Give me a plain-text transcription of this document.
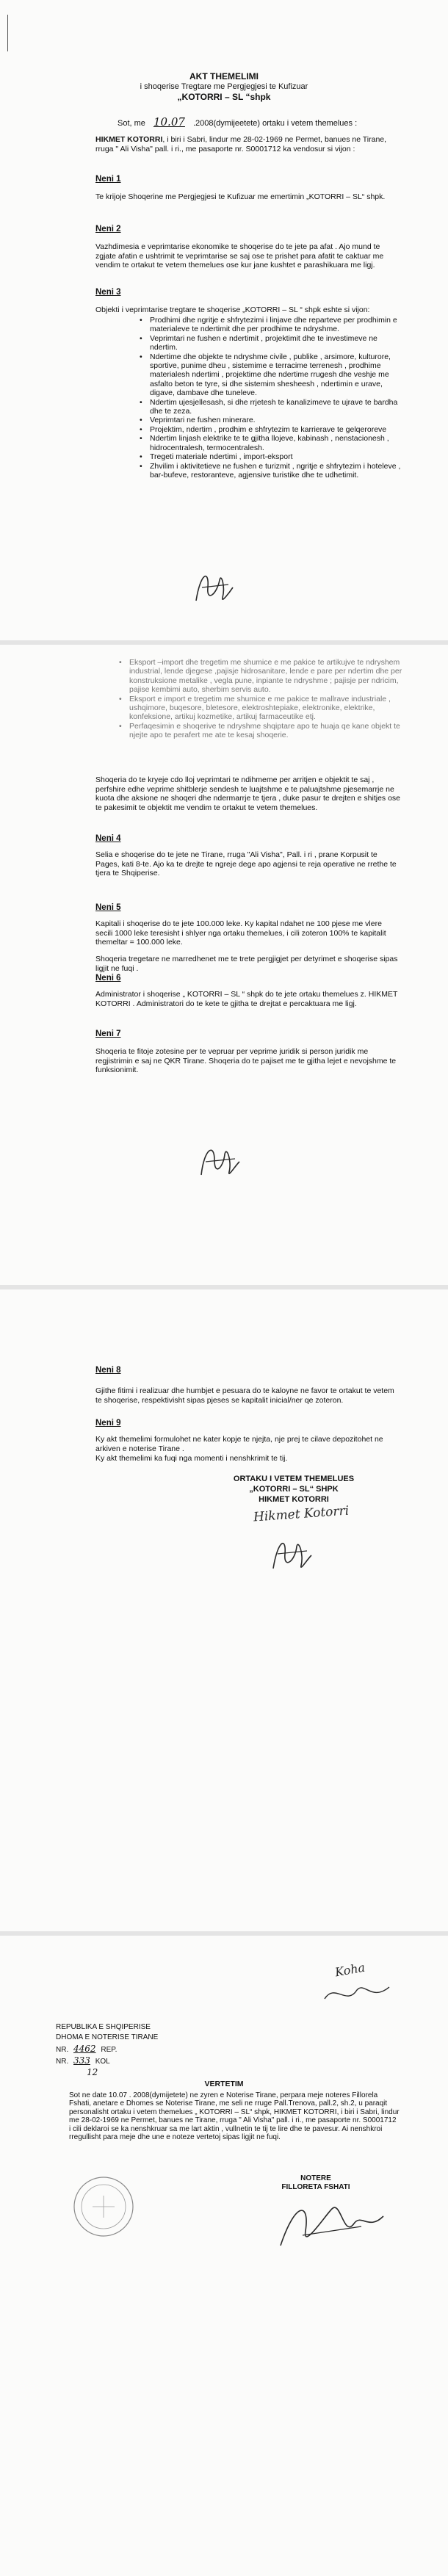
AKT THEMELIMI
i shoqerise Tregtare me Pergjegjesi te Kufizuar
„KOTORRI – SL “shpk
Sot, me 10.07 .2008(dymijeetete) ortaku i vetem themelues :

HIKMET KOTORRI, i biri i Sabri, lindur me 28-02-1969 ne Permet, banues ne Tirane, rruga " Ali Visha" pall. i ri., me pasaporte nr. S0001712 ka vendosur si vijon :

Neni 1
Te krijoje Shoqerine me Pergjegjesi te Kufizuar me emertimin „KOTORRI – SL“ shpk.
Neni 2
Vazhdimesia e veprimtarise ekonomike te shoqerise do te jete pa afat . Ajo mund te zgjate afatin e ushtrimit te veprimtarise se saj ose te prishet para afatit te caktuar me vendim te ortakut te vetem themelues ose kur jane kushtet e parashikuara me ligj.
Neni 3
Objekti i veprimtarise tregtare te shoqerise „KOTORRI – SL “ shpk eshte si vijon:
• Prodhimi dhe ngritje e shfrytezimi i linjave dhe reparteve per prodhimin e materialeve te ndertimit dhe per prodhime te ndryshme.
• Veprimtari ne fushen e ndertimit , projektimit dhe te investimeve ne ndertim.
• Ndertime dhe objekte te ndryshme civile , publike , arsimore, kulturore, sportive, punime dheu , sistemime e terracime terrenesh , prodhime materialesh ndertimi , projektime dhe ndertime rrugesh dhe veshje me asfalto beton te tyre, si dhe sistemim shesheesh , ndertimin e urave, digave, dambave dhe tuneleve.
• Ndertim ujesjellesash, si dhe rrjetesh te kanalizimeve te ujrave te bardha dhe te zeza.
• Veprimtari ne fushen minerare.
• Projektim, ndertim , prodhim e shfrytezim te karrierave te gelqeroreve
• Ndertim linjash elektrike te te gjitha llojeve, kabinash , nenstacionesh , hidrocentralesh, termocentralesh.
• Tregeti materiale ndertimi , import-eksport
• Zhvilim i aktivitetieve ne fushen e turizmit , ngritje e shfrytezim i hoteleve , bar-bufeve, restoranteve, agjensive turistike dhe te udhetimit.
• Eksport –import dhe tregetim me shumice e me pakice te artikujve te ndryshem industrial, lende djegese ,pajisje hidrosanitare, lende e pare per ndertim dhe per konstruksione metalike , vegla pune, inpiante te ndryshme ; pajisje per ndricim, pajise kembimi auto, sherbim servis auto.
• Eksport e import e tregetim me shumice e me pakice te mallrave industriale , ushqimore, buqesore, bletesore, elektroshtepiake, elektronike, elektrike, konfeksione, artikuj kozmetike, artikuj farmaceutike etj.
• Perfaqesimin e shoqerive te ndryshme shqiptare apo te huaja qe kane objekt te njejte apo te perafert me ate te kesaj shoqerie.
Shoqeria do te kryeje cdo lloj veprimtari te ndihmeme per arritjen e objektit te saj , perfshire edhe veprime shitblerje sendesh te luajtshme e te paluajtshme pjesemarrje ne kuota dhe aksione ne shoqeri dhe ndermarrje te tjera , duke pasur te drejten e shitjes ose te pakesimit te objektit me vendim te ortakut te vetem themelues.
Neni 4
Selia e shoqerise do te jete ne Tirane, rruga "Ali Visha", Pall. i ri , prane Korpusit te Pages, kati 8-te. Ajo ka te drejte te ngreje dege apo agjensi te reja operative ne rrethe te tjera te Shqiperise.
Neni 5
Kapitali i shoqerise do te jete 100.000 leke. Ky kapital ndahet ne 100 pjese me vlere secili 1000 leke teresisht i shlyer nga ortaku themelues, i cili zoteron 100% te kapitalit themeltar = 100.000 leke.
Shoqeria tregetare ne marredhenet me te trete pergjigjet per detyrimet e shoqerise sipas ligjit ne fuqi .
Neni 6
Administrator i shoqerise „ KOTORRI – SL “ shpk do te jete ortaku themelues z. HIKMET KOTORRI . Administratori do te kete te gjitha te drejtat e percaktuara me ligj.
Neni 7
Shoqeria te fitoje zotesine per te vepruar per veprime juridik si person juridik me regjistrimin e saj ne QKR Tirane. Shoqeria do te pajiset me te gjitha lejet e nevojshme te funksionimit.
Neni 8
Gjithe fitimi i realizuar dhe humbjet e pesuara do te kaloyne ne favor te ortakut te vetem te shoqerise, respektivisht sipas pjeses se kapitalit inicial/ner qe zoteron.
Neni 9
Ky akt themelimi formulohet ne kater kopje te njejta, nje prej te cilave depozitohet ne arkiven e noterise Tirane .
Ky akt themelimi ka fuqi nga momenti i nenshkrimit te tij.
ORTAKU I VETEM THEMELUES
„KOTORRI – SL“ SHPK
HIKMET KOTORRI
Hikmet Kotorri
Koha
REPUBLIKA E SHQIPERISE
DHOMA E NOTERISE TIRANE
NR. 4462 REP.
NR. 333 KOL
12
VERTETIM
Sot ne date 10.07 . 2008(dymijetete) ne zyren e Noterise Tirane, perpara meje noteres Fillorela Fshati, anetare e Dhomes se Noterise Tirane, me seli ne rruge Pall.Trenova, pall.2, sh.2, u paraqit personalisht ortaku i vetem themelues „ KOTORRI – SL“ shpk, HIKMET KOTORRI, i biri i Sabri, lindur me 28-02-1969 ne Permet, banues ne Tirane, rruga " Ali Visha" pall. i ri., me pasaporte nr. S0001712 i cili deklaroi se ka nenshkruar sa me lart aktin , vullnetin te tij te lire dhe te pavesur. Ai nenshkroi rregullisht para meje dhe une e noteze vertetoj sipas ligjit ne fuqi.
NOTERE
FILLORETA FSHATI
